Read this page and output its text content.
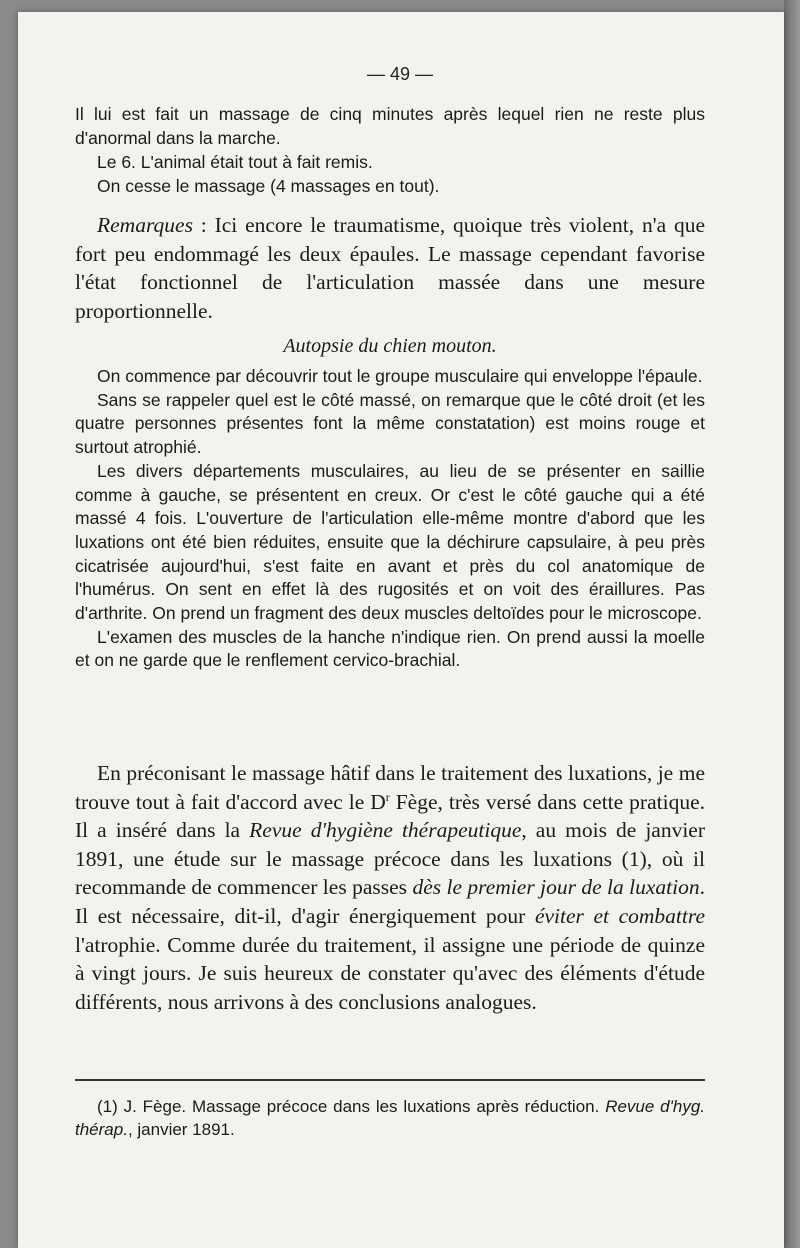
— 49 —

Il lui est fait un massage de cinq minutes après lequel rien ne reste plus d'anormal dans la marche.

Le 6. L'animal était tout à fait remis.

On cesse le massage (4 massages en tout).

Remarques : Ici encore le traumatisme, quoique très violent, n'a que fort peu endommagé les deux épaules. Le massage cependant favorise l'état fonctionnel de l'articulation massée dans une mesure proportionnelle.

Autopsie du chien mouton.

On commence par découvrir tout le groupe musculaire qui enveloppe l'épaule.

Sans se rappeler quel est le côté massé, on remarque que le côté droit (et les quatre personnes présentes font la même constatation) est moins rouge et surtout atrophié.

Les divers départements musculaires, au lieu de se présenter en saillie comme à gauche, se présentent en creux. Or c'est le côté gauche qui a été massé 4 fois. L'ouverture de l'articulation elle-même montre d'abord que les luxations ont été bien réduites, ensuite que la déchirure capsulaire, à peu près cicatrisée aujourd'hui, s'est faite en avant et près du col anatomique de l'humérus. On sent en effet là des rugosités et on voit des éraillures. Pas d'arthrite. On prend un fragment des deux muscles deltoïdes pour le microscope.

L'examen des muscles de la hanche n'indique rien. On prend aussi la moelle et on ne garde que le renflement cervico-brachial.

En préconisant le massage hâtif dans le traitement des luxations, je me trouve tout à fait d'accord avec le $D^r$ Fège, très versé dans cette pratique. Il a inséré dans la Revue d'hygiène thérapeutique, au mois de janvier 1891, une étude sur le massage précoce dans les luxations (1), où il recommande de commencer les passes dès le premier jour de la luxation. Il est nécessaire, dit-il, d'agir énergiquement pour éviter et combattre l'atrophie. Comme durée du traitement, il assigne une période de quinze à vingt jours. Je suis heureux de constater qu'avec des éléments d'étude différents, nous arrivons à des conclusions analogues.

(1) J. Fège. Massage précoce dans les luxations après réduction. Revue d'hyg. thérap., janvier 1891.
